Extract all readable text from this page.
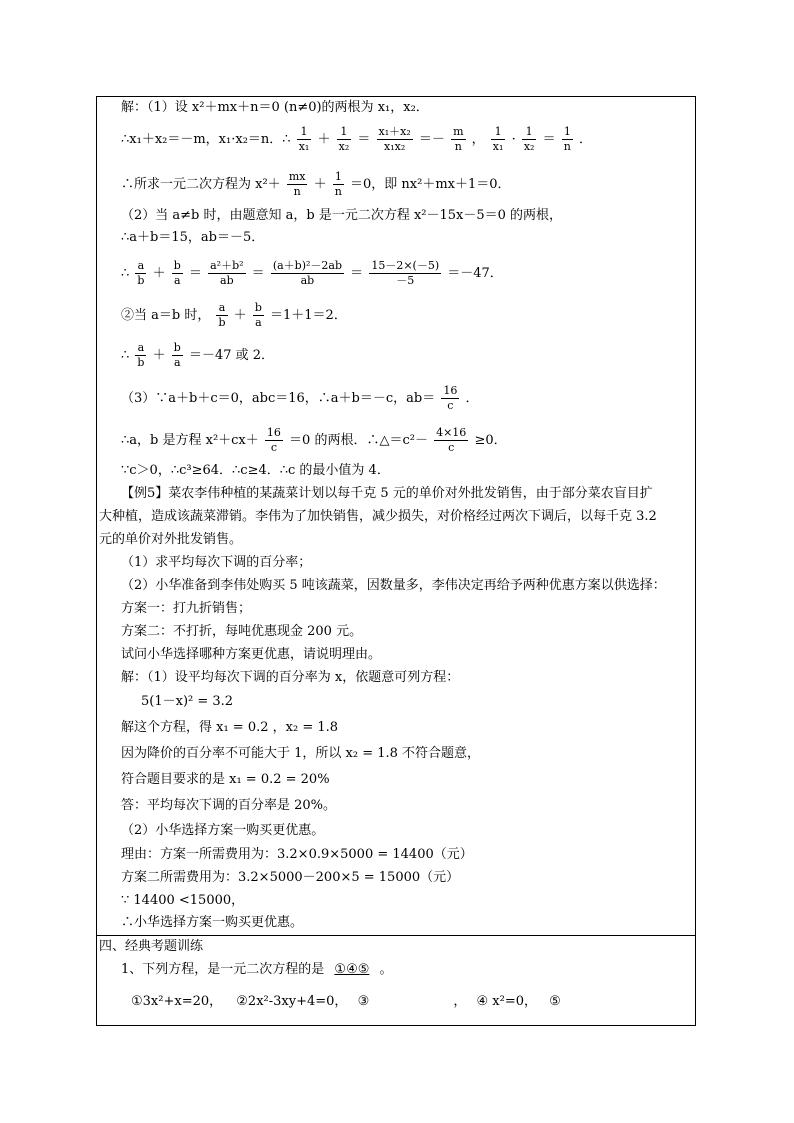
解：（1）设 x²＋mx＋n＝0 (n≠0)的两根为 x₁，x₂．
∴x₁＋x₂＝－m，x₁·x₂＝n．∴ $\frac{1}{\text{x₁}} + \frac{1}{\text{x₂}} = \frac{\text{x₁＋x₂}}{\text{x₁x₂}} =- \frac{m}{n}$ ， $\frac{1}{\text{x₁}} \cdot \frac{1}{\text{x₂}} = \frac{1}{n}$ ．
∴所求一元二次方程为 $x^2+ \frac{mx}{n} + \frac{1}{n} =0$，即 nx²＋mx＋1＝0．
（2）当 a≠b 时，由题意知 a，b 是一元二次方程 x²－15x－5＝0 的两根，
∴a＋b＝15，ab＝－5．
∴ $\frac{a}{b} + \frac{b}{a} = \frac{\text{a²＋b²}}{ab} = \frac{\text{(a＋b)²－2ab}}{ab} = \frac{15-2\times(-5)}{-5} =-47$．
②当 a＝b 时， $\frac{a}{b} + \frac{b}{a} =1+1=2$．
∴ $\frac{a}{b} + \frac{b}{a} =-47$ 或 2．
（3）∵a＋b＋c＝0，abc＝16，∴a＋b＝－c，$ab= \frac{16}{c}$ ．
∴a，b 是方程 $x^2+cx+ \frac{16}{c} =0$ 的两根．∴△＝c²－ $\frac{4\times 16}{c} \ge 0$．
∵c＞0，∴c³≥64．∴c≥4．∴c 的最小值为 4．
【例5】菜农李伟种植的某蔬菜计划以每千克 5 元的单价对外批发销售，由于部分菜农盲目扩
大种植，造成该蔬菜滞销。李伟为了加快销售，减少损失，对价格经过两次下调后，以每千克 3.2
元的单价对外批发销售。
（1）求平均每次下调的百分率；
（2）小华准备到李伟处购买 5 吨该蔬菜，因数量多，李伟决定再给予两种优惠方案以供选择：
方案一：打九折销售；
方案二：不打折，每吨优惠现金 200 元。
试问小华选择哪种方案更优惠，请说明理由。
解：（1）设平均每次下调的百分率为 x，依题意可列方程：
5(1－x)² = 3.2
解这个方程，得 x₁ = 0.2 ，x₂ = 1.8
因为降价的百分率不可能大于 1，所以 x₂ = 1.8 不符合题意，
符合题目要求的是 x₁ = 0.2 = 20%
答：平均每次下调的百分率是 20%。
（2）小华选择方案一购买更优惠。
理由：方案一所需费用为：3.2×0.9×5000 = 14400（元）
方案二所需费用为：3.2×5000－200×5 = 15000（元）
∵ 14400 <15000，
∴小华选择方案一购买更优惠。
四、经典考题训练
1、下列方程，是一元二次方程的是 ①④⑤ 。
①3x²+x=20， ②2x²-3xy+4=0， ③	， ④ x²=0， ⑤
